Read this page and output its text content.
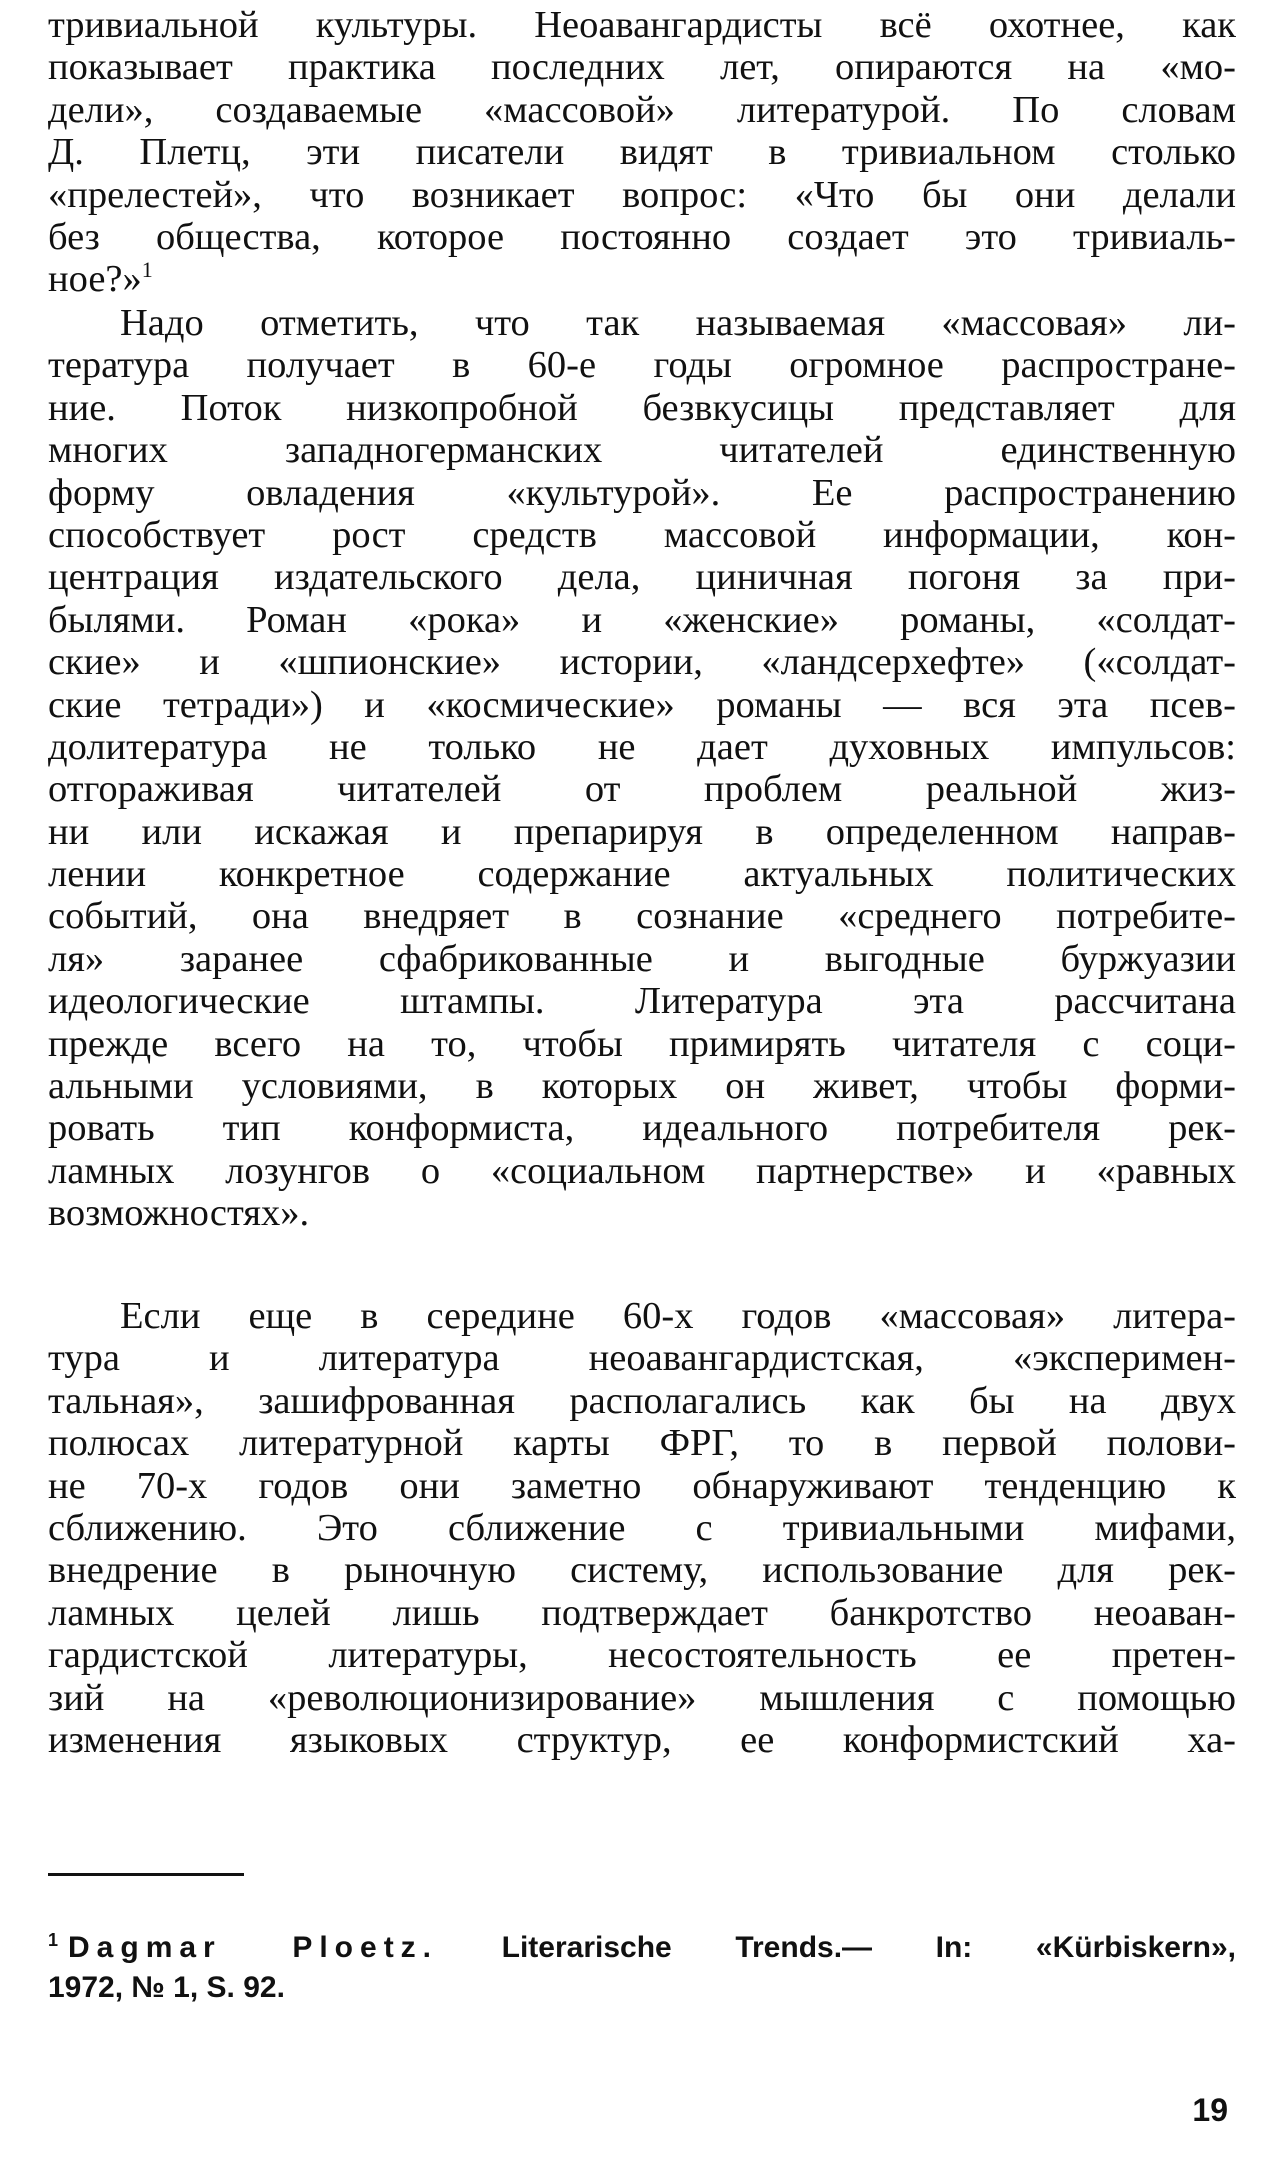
тривиальной культуры. Неоавангардисты всё охотнее, как
показывает практика последних лет, опираются на «мо-
дели», создаваемые «массовой» литературой. По словам
Д. Плетц, эти писатели видят в тривиальном столько
«прелестей», что возникает вопрос: «Что бы они делали
без общества, которое постоянно создает это тривиаль-
ное?»$^1$
Надо отметить, что так называемая «массовая» ли-
тература получает в 60-е годы огромное распростране-
ние. Поток низкопробной безвкусицы представляет для
многих западногерманских читателей единственную
форму овладения «культурой». Ее распространению
способствует рост средств массовой информации, кон-
центрация издательского дела, циничная погоня за при-
былями. Роман «рока» и «женские» романы, «солдат-
ские» и «шпионские» истории, «ландсерхефте» («солдат-
ские тетради») и «космические» романы — вся эта псев-
долитература не только не дает духовных импульсов:
отгораживая читателей от проблем реальной жиз-
ни или искажая и препарируя в определенном направ-
лении конкретное содержание актуальных политических
событий, она внедряет в сознание «среднего потребите-
ля» заранее сфабрикованные и выгодные буржуазии
идеологические штампы. Литература эта рассчитана
прежде всего на то, чтобы примирять читателя с соци-
альными условиями, в которых он живет, чтобы форми-
ровать тип конформиста, идеального потребителя рек-
ламных лозунгов о «социальном партнерстве» и «равных
возможностях».
Если еще в середине 60-х годов «массовая» литера-
тура и литература неоавангардистская, «эксперимен-
тальная», зашифрованная располагались как бы на двух
полюсах литературной карты ФРГ, то в первой полови-
не 70-х годов они заметно обнаруживают тенденцию к
сближению. Это сближение с тривиальными мифами,
внедрение в рыночную систему, использование для рек-
ламных целей лишь подтверждает банкротство неоаван-
гардистской литературы, несостоятельность ее претен-
зий на «революционизирование» мышления с помощью
изменения языковых структур, ее конформистский ха-
$^1$ Dagmar Ploetz. Literarische Trends.— In: «Kürbiskern»,
1972, № 1, S. 92.
19
